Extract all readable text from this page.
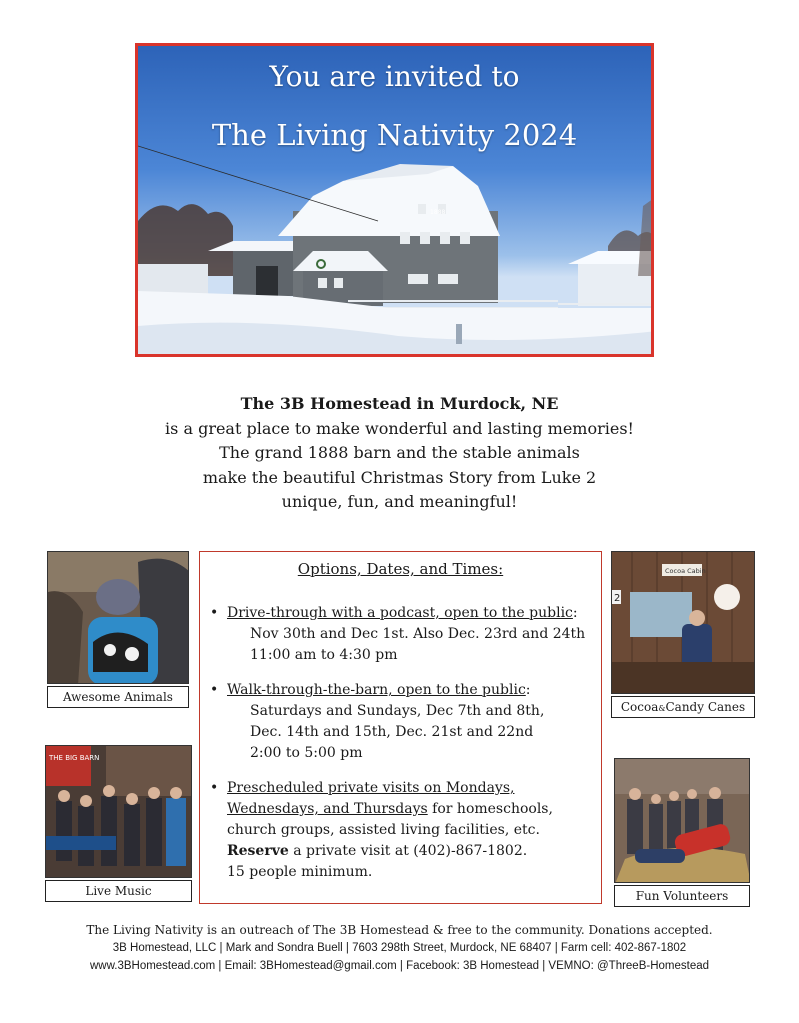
1888
You are invited to
The Living Nativity 2024
The 3B Homestead in Murdock, NE
is a great place to make wonderful and lasting memories!
The grand 1888 barn and the stable animals
make the beautiful Christmas Story from Luke 2
unique, fun, and meaningful!
Awesome Animals
THE BIG BARN
Live Music
Cocoa Cabin
2
Cocoa&Candy Canes
Fun Volunteers
Options, Dates, and Times:
• Drive-through with a podcast, open to the public:
Nov 30th and Dec 1st. Also Dec. 23rd and 24th
11:00 am to 4:30 pm
• Walk-through-the-barn, open to the public:
Saturdays and Sundays, Dec 7th and 8th,
Dec. 14th and 15th, Dec. 21st and 22nd
2:00 to 5:00 pm
• Prescheduled private visits on Mondays,
Wednesdays, and Thursdays for homeschools,
church groups, assisted living facilities, etc.
Reserve a private visit at (402)-867-1802.
15 people minimum.
The Living Nativity is an outreach of The 3B Homestead & free to the community. Donations accepted.
3B Homestead, LLC | Mark and Sondra Buell | 7603 298th Street, Murdock, NE 68407 | Farm cell: 402-867-1802
www.3BHomestead.com | Email: 3BHomestead@gmail.com | Facebook: 3B Homestead | VEMNO: @ThreeB-Homestead
